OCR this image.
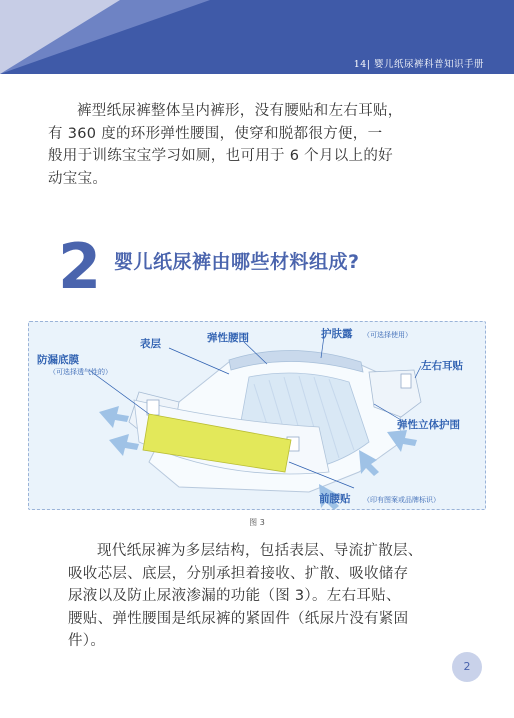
14| 婴儿纸尿裤科普知识手册
裤型纸尿裤整体呈内裤形，没有腰贴和左右耳贴，
有 360 度的环形弹性腰围，使穿和脱都很方便，一
般用于训练宝宝学习如厕，也可用于 6 个月以上的好
动宝宝。
2 婴儿纸尿裤由哪些材料组成?
表层	弹性腰围	护肤露 （可选择使用）
防漏底膜
（可选择透气性的）	左右耳贴
弹性立体护围
前腰贴 （印有图案或品牌标识）
图 3
现代纸尿裤为多层结构，包括表层、导流扩散层、
吸收芯层、底层，分别承担着接收、扩散、吸收储存
尿液以及防止尿液渗漏的功能（图 3）。左右耳贴、
腰贴、弹性腰围是纸尿裤的紧固件（纸尿片没有紧固
件）。
2
